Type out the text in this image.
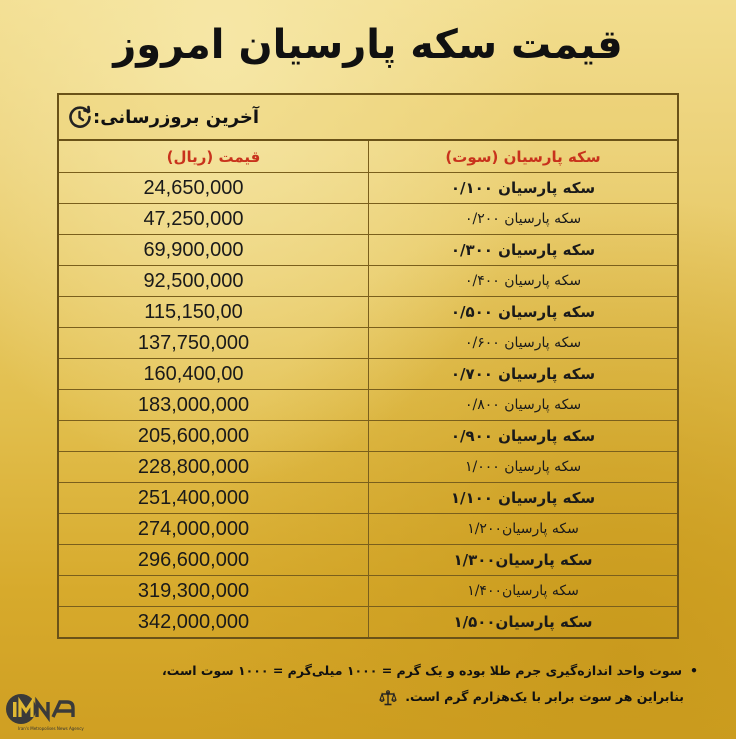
قیمت سکه پارسیان امروز
آخرین بروزرسانی:
قیمت (ریال)	سکه پارسیان (سوت)
24,650,000	سکه پارسیان ۰/۱۰۰
47,250,000	سکه پارسیان ۰/۲۰۰
69,900,000	سکه پارسیان ۰/۳۰۰
92,500,000	سکه پارسیان ۰/۴۰۰
115,150,00	سکه پارسیان ۰/۵۰۰
137,750,000	سکه پارسیان ۰/۶۰۰
160,400,00	سکه پارسیان ۰/۷۰۰
183,000,000	سکه پارسیان ۰/۸۰۰
205,600,000	سکه پارسیان ۰/۹۰۰
228,800,000	سکه پارسیان ۱/۰۰۰
251,400,000	سکه پارسیان ۱/۱۰۰
274,000,000	سکه پارسیان۱/۲۰۰
296,600,000	سکه پارسیان۱/۳۰۰
319,300,000	سکه پارسیان۱/۴۰۰
342,000,000	سکه پارسیان۱/۵۰۰
•سوت واحد اندازه‌گیری جرم طلا بوده و یک گرم = ۱۰۰۰ میلی‌گرم = ۱۰۰۰ سوت است،
بنابراین هر سوت برابر با یک‌هزارم گرم است.
Iran's Metropolises News Agency
